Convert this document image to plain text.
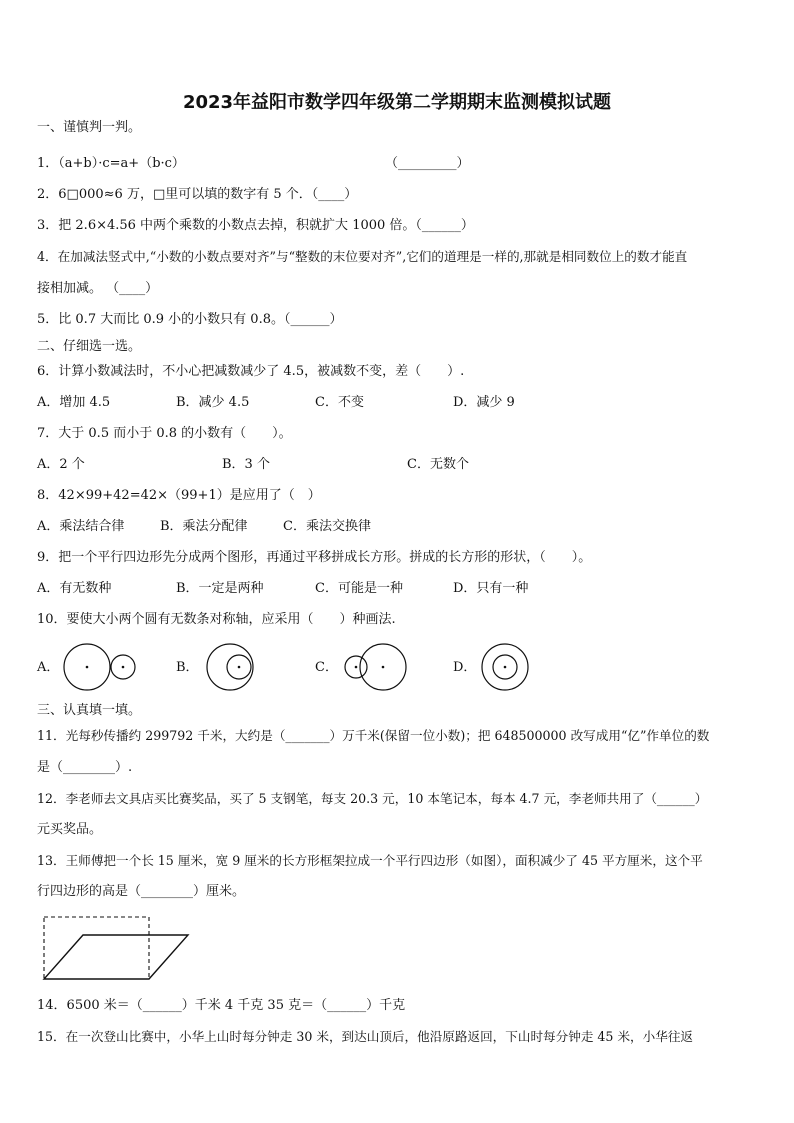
2023年益阳市数学四年级第二学期期末监测模拟试题
一、谨慎判一判。
1．（a+b）·c=a+（b·c）	（_________）
2．6□000≈6 万，□里可以填的数字有 5 个．（____）
3．把 2.6×4.56 中两个乘数的小数点去掉，积就扩大 1000 倍。（______）
4．在加减法竖式中,“小数的小数点要对齐”与“整数的末位要对齐”,它们的道理是一样的,那就是相同数位上的数才能直
接相加减。 （____）
5．比 0.7 大而比 0.9 小的小数只有 0.8。（______）
二、仔细选一选。
6．计算小数减法时，不小心把减数减少了 4.5，被减数不变，差（　　）.
A．增加 4.5	B．减少 4.5	C．不变	D．减少 9
7．大于 0.5 而小于 0.8 的小数有（　　）。
A．2 个	B．3 个	C．无数个
8．42×99+42=42×（99+1）是应用了（　）
A．乘法结合律	B．乘法分配律	C．乘法交换律
9．把一个平行四边形先分成两个图形，再通过平移拼成长方形。拼成的长方形的形状，（　　）。
A．有无数种	B．一定是两种	C．可能是一种	D．只有一种
10．要使大小两个圆有无数条对称轴，应采用（　　）种画法.
A．	B．	C．	D．
三、认真填一填。
11．光每秒传播约 299792 千米，大约是（_______）万千米(保留一位小数)；把 648500000 改写成用“亿”作单位的数
是（________）.
12．李老师去文具店买比赛奖品，买了 5 支钢笔，每支 20.3 元，10 本笔记本，每本 4.7 元，李老师共用了（______）
元买奖品。
13．王师傅把一个长 15 厘米，宽 9 厘米的长方形框架拉成一个平行四边形（如图），面积减少了 45 平方厘米，这个平
行四边形的高是（________）厘米。
14．6500 米＝（______）千米 4 千克 35 克＝（______）千克
15．在一次登山比赛中，小华上山时每分钟走 30 米，到达山顶后，他沿原路返回，下山时每分钟走 45 米，小华往返
